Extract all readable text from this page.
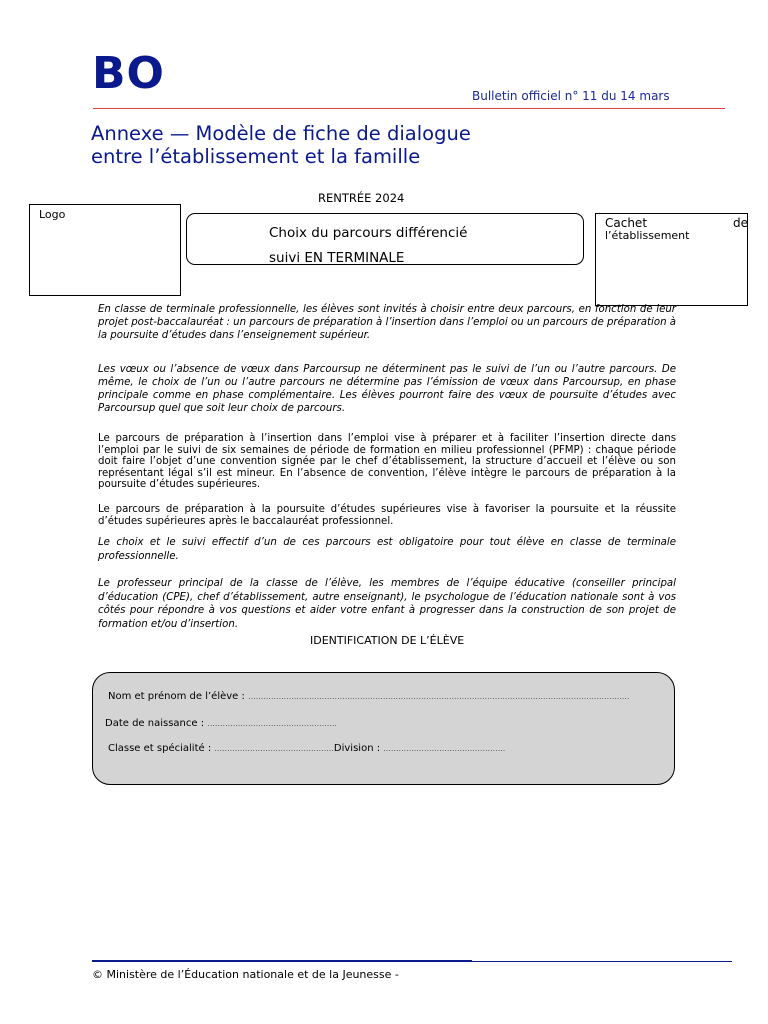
BO	Bulletin officiel n° 11 du 14 mars
Annexe — Modèle de fiche de dialogue
entre l’établissement et la famille
RENTRÉE 2024
Logo
Choix du parcours différencié
suivi EN TERMINALE
Cachet	de
l’établissement
En classe de terminale professionnelle, les élèves sont invités à choisir entre deux parcours, en fonction de leur projet post-baccalauréat : un parcours de préparation à l’insertion dans l’emploi ou un parcours de préparation à la poursuite d’études dans l’enseignement supérieur.
Les vœux ou l’absence de vœux dans Parcoursup ne déterminent pas le suivi de l’un ou l’autre parcours. De même, le choix de l’un ou l’autre parcours ne détermine pas l’émission de vœux dans Parcoursup, en phase principale comme en phase complémentaire. Les élèves pourront faire des vœux de poursuite d’études avec Parcoursup quel que soit leur choix de parcours.
Le parcours de préparation à l’insertion dans l’emploi vise à préparer et à faciliter l’insertion directe dans l’emploi par le suivi de six semaines de période de formation en milieu professionnel (PFMP) : chaque période doit faire l’objet d’une convention signée par le chef d’établissement, la structure d’accueil et l’élève ou son représentant légal s’il est mineur. En l’absence de convention, l’élève intègre le parcours de préparation à la poursuite d’études supérieures.
Le parcours de préparation à la poursuite d’études supérieures vise à favoriser la poursuite et la réussite d’études supérieures après le baccalauréat professionnel.
Le choix et le suivi effectif d’un de ces parcours est obligatoire pour tout élève en classe de terminale professionnelle.
Le professeur principal de la classe de l’élève, les membres de l’équipe éducative (conseiller principal d’éducation (CPE), chef d’établissement, autre enseignant), le psychologue de l’éducation nationale sont à vos côtés pour répondre à vos questions et aider votre enfant à progresser dans la construction de son projet de formation et/ou d’insertion.
IDENTIFICATION DE L’ÉLÈVE
Nom et prénom de l’élève : ......................................................................................................................................................
Date de naissance : ...................................................
Classe et spécialité : ...............................................Division : ................................................
© Ministère de l’Éducation nationale et de la Jeunesse -
